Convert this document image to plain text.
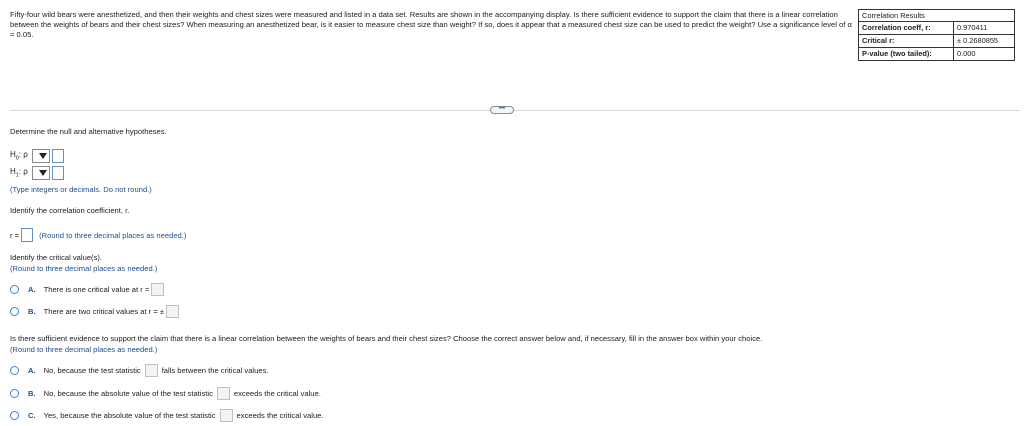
Fifty-four wild bears were anesthetized, and then their weights and chest sizes were measured and listed in a data set. Results are shown in the accompanying display. Is there sufficient evidence to support the claim that there is a linear correlation between the weights of bears and their chest sizes? When measuring an anesthetized bear, is it easier to measure chest size than weight? If so, does it appear that a measured chest size can be used to predict the weight? Use a significance level of α = 0.05.
Correlation Results
Correlation coeff, r:	0.970411
Critical r:	± 0.2680855
P-value (two tailed):	0.000
•••
Determine the null and alternative hypotheses.
$H_0$: ρ
$H_1$: ρ
(Type integers or decimals. Do not round.)
Identify the correlation coefficient, r.
r =	(Round to three decimal places as needed.)
Identify the critical value(s).
(Round to three decimal places as needed.)
A. There is one critical value at r =
B. There are two critical values at r = ±
Is there sufficient evidence to support the claim that there is a linear correlation between the weights of bears and their chest sizes? Choose the correct answer below and, if necessary, fill in the answer box within your choice.
(Round to three decimal places as needed.)
A. No, because the test statistic	falls between the critical values.
B. No, because the absolute value of the test statistic	exceeds the critical value.
C. Yes, because the absolute value of the test statistic	exceeds the critical value.
